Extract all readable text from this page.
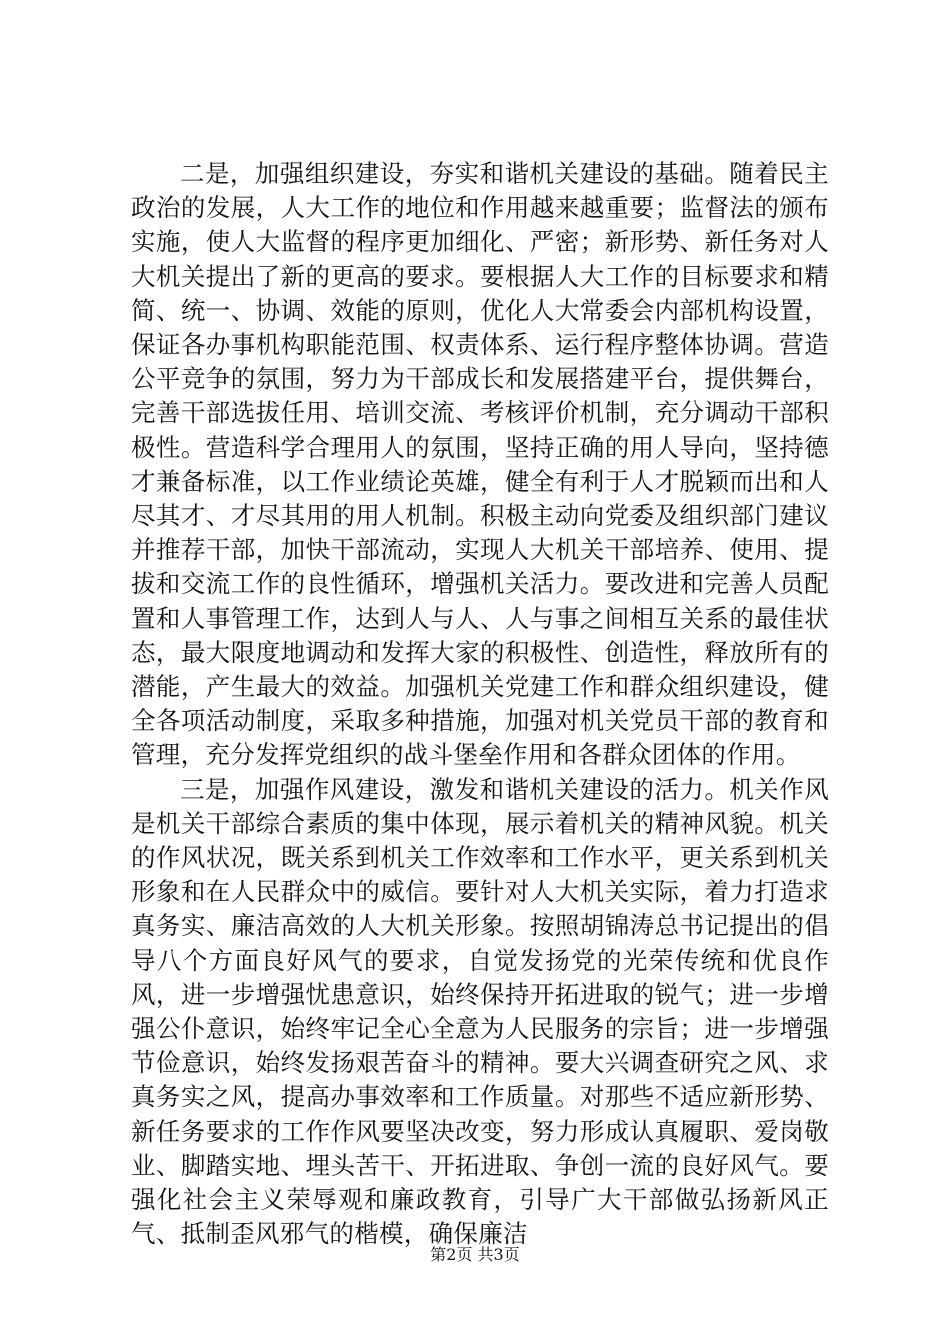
二是，加强组织建设，夯实和谐机关建设的基础。随着民主政治的发展，人大工作的地位和作用越来越重要；监督法的颁布实施，使人大监督的程序更加细化、严密；新形势、新任务对人大机关提出了新的更高的要求。要根据人大工作的目标要求和精简、统一、协调、效能的原则，优化人大常委会内部机构设置，保证各办事机构职能范围、权责体系、运行程序整体协调。营造公平竞争的氛围，努力为干部成长和发展搭建平台，提供舞台，完善干部选拔任用、培训交流、考核评价机制，充分调动干部积极性。营造科学合理用人的氛围，坚持正确的用人导向，坚持德才兼备标准，以工作业绩论英雄，健全有利于人才脱颖而出和人尽其才、才尽其用的用人机制。积极主动向党委及组织部门建议并推荐干部，加快干部流动，实现人大机关干部培养、使用、提拔和交流工作的良性循环，增强机关活力。要改进和完善人员配置和人事管理工作，达到人与人、人与事之间相互关系的最佳状态，最大限度地调动和发挥大家的积极性、创造性，释放所有的潜能，产生最大的效益。加强机关党建工作和群众组织建设，健全各项活动制度，采取多种措施，加强对机关党员干部的教育和管理，充分发挥党组织的战斗堡垒作用和各群众团体的作用。

三是，加强作风建设，激发和谐机关建设的活力。机关作风是机关干部综合素质的集中体现，展示着机关的精神风貌。机关的作风状况，既关系到机关工作效率和工作水平，更关系到机关形象和在人民群众中的威信。要针对人大机关实际，着力打造求真务实、廉洁高效的人大机关形象。按照胡锦涛总书记提出的倡导八个方面良好风气的要求，自觉发扬党的光荣传统和优良作风，进一步增强忧患意识，始终保持开拓进取的锐气；进一步增强公仆意识，始终牢记全心全意为人民服务的宗旨；进一步增强节俭意识，始终发扬艰苦奋斗的精神。要大兴调查研究之风、求真务实之风，提高办事效率和工作质量。对那些不适应新形势、新任务要求的工作作风要坚决改变，努力形成认真履职、爱岗敬业、脚踏实地、埋头苦干、开拓进取、争创一流的良好风气。要强化社会主义荣辱观和廉政教育，引导广大干部做弘扬新风正气、抵制歪风邪气的楷模，确保廉洁

第2页 共3页
